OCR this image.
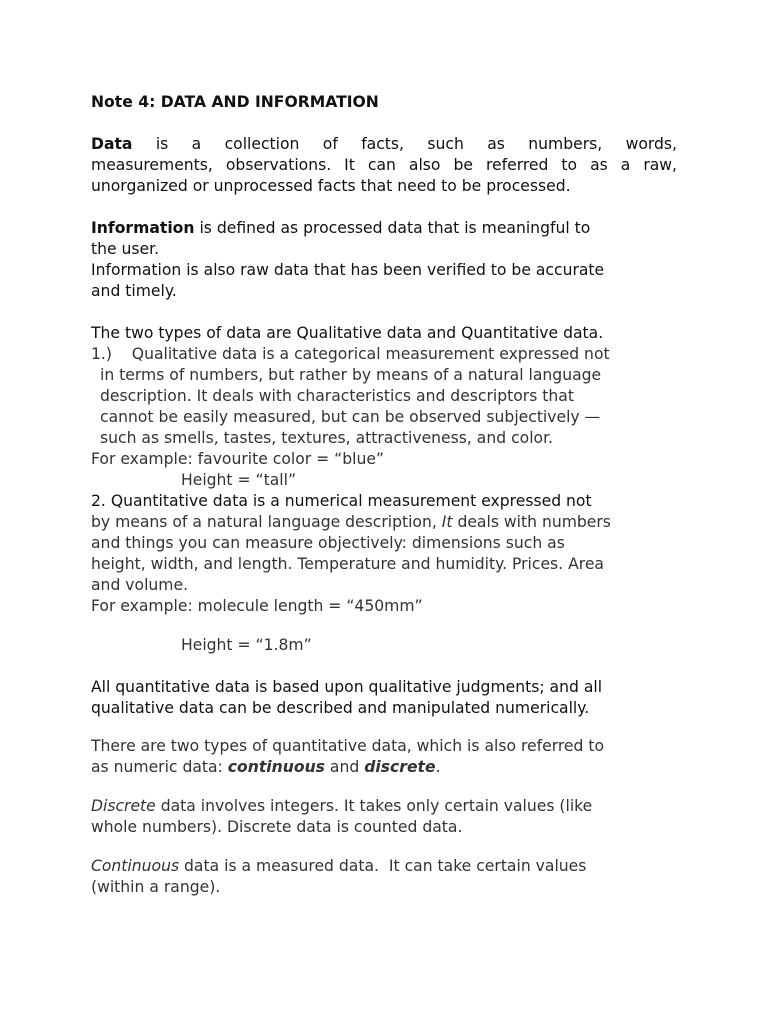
Note 4: DATA AND INFORMATION
Data is a collection of facts, such as numbers, words,
measurements, observations. It can also be referred to as a raw,
unorganized or unprocessed facts that need to be processed.
Information is defined as processed data that is meaningful to
the user.
Information is also raw data that has been verified to be accurate
and timely.
The two types of data are Qualitative data and Quantitative data.
1.)    Qualitative data is a categorical measurement expressed not
in terms of numbers, but rather by means of a natural language
description. It deals with characteristics and descriptors that
cannot be easily measured, but can be observed subjectively —
such as smells, tastes, textures, attractiveness, and color.
For example: favourite color = “blue”
Height = “tall”
2. Quantitative data is a numerical measurement expressed not
by means of a natural language description, It deals with numbers
and things you can measure objectively: dimensions such as
height, width, and length. Temperature and humidity. Prices. Area
and volume.
For example: molecule length = “450mm”
Height = “1.8m”
All quantitative data is based upon qualitative judgments; and all
qualitative data can be described and manipulated numerically.
There are two types of quantitative data, which is also referred to
as numeric data: continuous and discrete.
Discrete data involves integers. It takes only certain values (like
whole numbers). Discrete data is counted data.
Continuous data is a measured data.  It can take certain values
(within a range).
